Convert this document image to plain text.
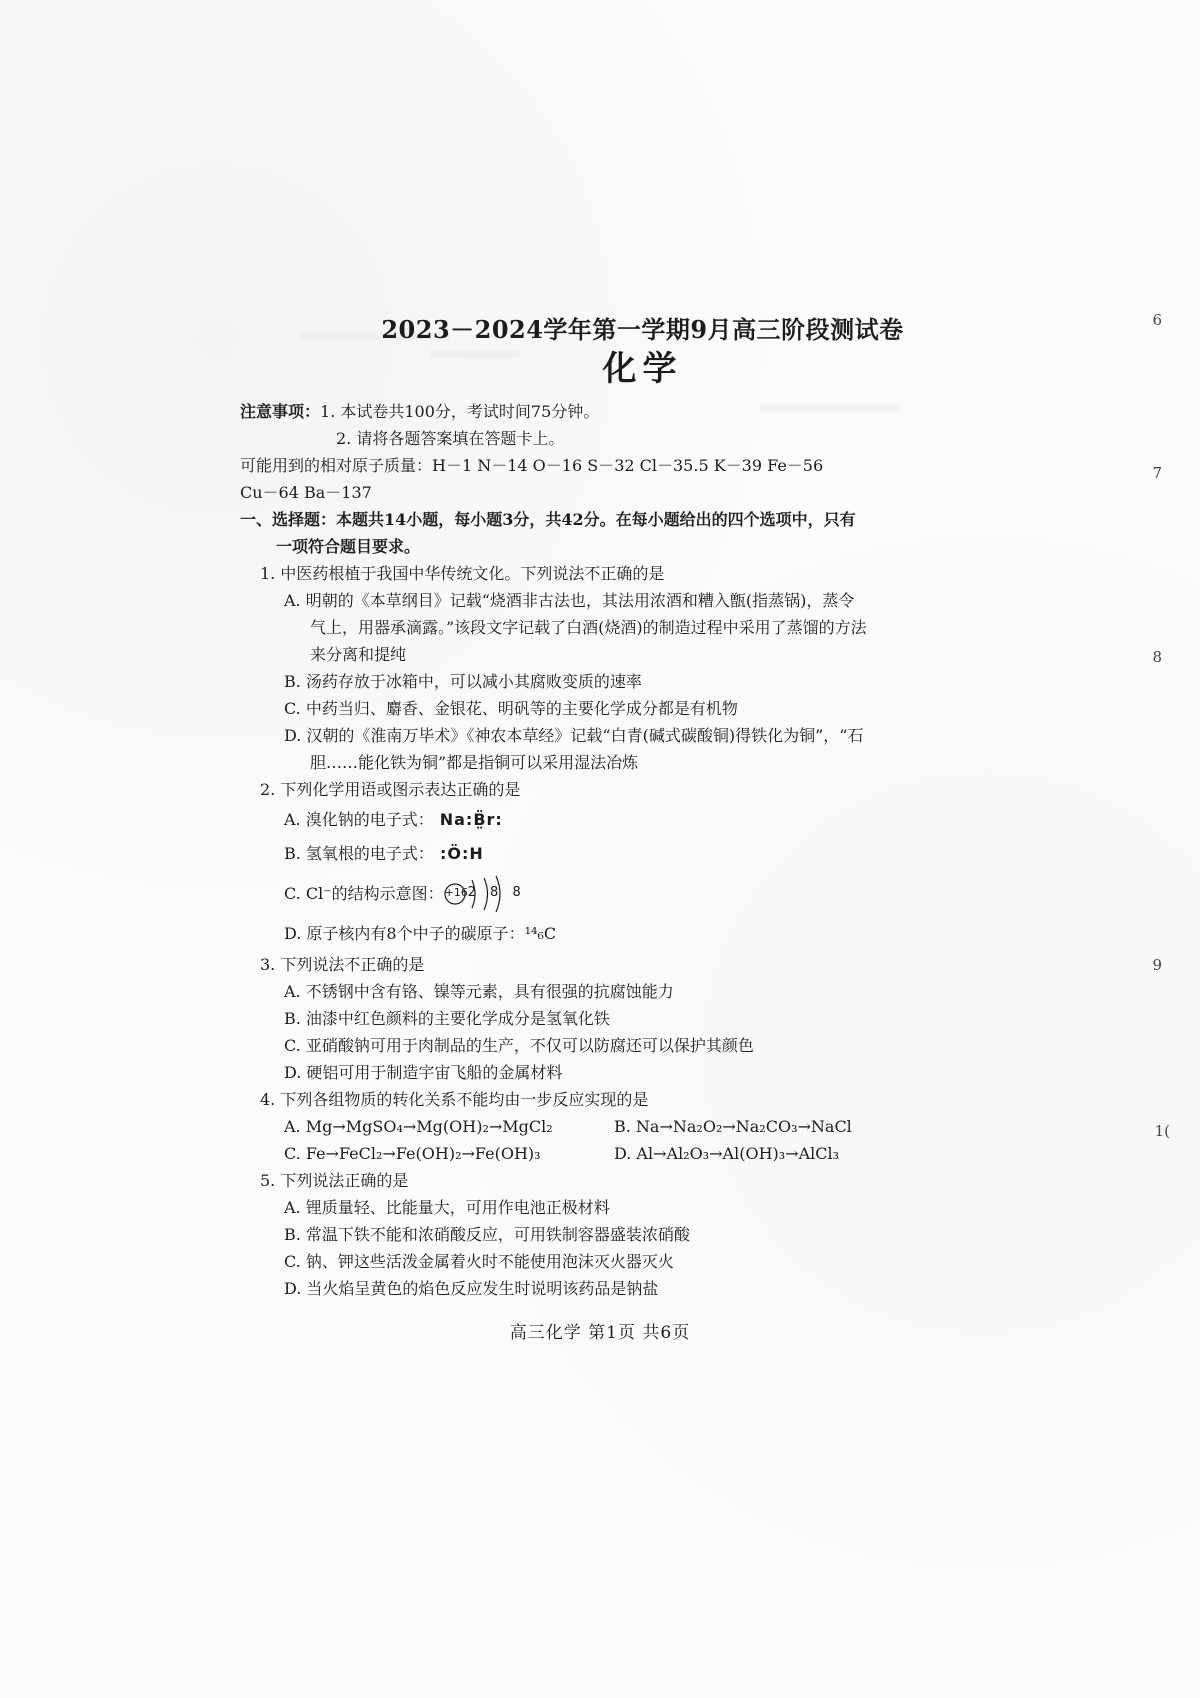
6
7
8
9
1(
2023－2024学年第一学期9月高三阶段测试卷
化学
注意事项： 1. 本试卷共100分，考试时间75分钟。
2. 请将各题答案填在答题卡上。
可能用到的相对原子质量：H－1 N－14 O－16 S－32 Cl－35.5 K－39 Fe－56
Cu－64 Ba－137
一、选择题：本题共14小题，每小题3分，共42分。在每小题给出的四个选项中，只有
一项符合题目要求。
1. 中医药根植于我国中华传统文化。下列说法不正确的是
A. 明朝的《本草纲目》记载“烧酒非古法也，其法用浓酒和糟入甑(指蒸锅)，蒸令
气上，用器承滴露。”该段文字记载了白酒(烧酒)的制造过程中采用了蒸馏的方法
来分离和提纯
B. 汤药存放于冰箱中，可以减小其腐败变质的速率
C. 中药当归、麝香、金银花、明矾等的主要化学成分都是有机物
D. 汉朝的《淮南万毕术》《神农本草经》记载“白青(碱式碳酸铜)得铁化为铜”，“石
胆……能化铁为铜”都是指铜可以采用湿法冶炼
2. 下列化学用语或图示表达正确的是
A. 溴化钠的电子式： Na:B̤̈r:
B. 氢氧根的电子式： :Ö:H
C. Cl⁻的结构示意图： +16 2 8 8
D. 原子核内有8个中子的碳原子： ¹⁴₆C
3. 下列说法不正确的是
A. 不锈钢中含有铬、镍等元素，具有很强的抗腐蚀能力
B. 油漆中红色颜料的主要化学成分是氢氧化铁
C. 亚硝酸钠可用于肉制品的生产，不仅可以防腐还可以保护其颜色
D. 硬铝可用于制造宇宙飞船的金属材料
4. 下列各组物质的转化关系不能均由一步反应实现的是
A. Mg→MgSO₄→Mg(OH)₂→MgCl₂	B. Na→Na₂O₂→Na₂CO₃→NaCl
C. Fe→FeCl₂→Fe(OH)₂→Fe(OH)₃	D. Al→Al₂O₃→Al(OH)₃→AlCl₃
5. 下列说法正确的是
A. 锂质量轻、比能量大，可用作电池正极材料
B. 常温下铁不能和浓硝酸反应，可用铁制容器盛装浓硝酸
C. 钠、钾这些活泼金属着火时不能使用泡沫灭火器灭火
D. 当火焰呈黄色的焰色反应发生时说明该药品是钠盐
高三化学 第1页 共6页
